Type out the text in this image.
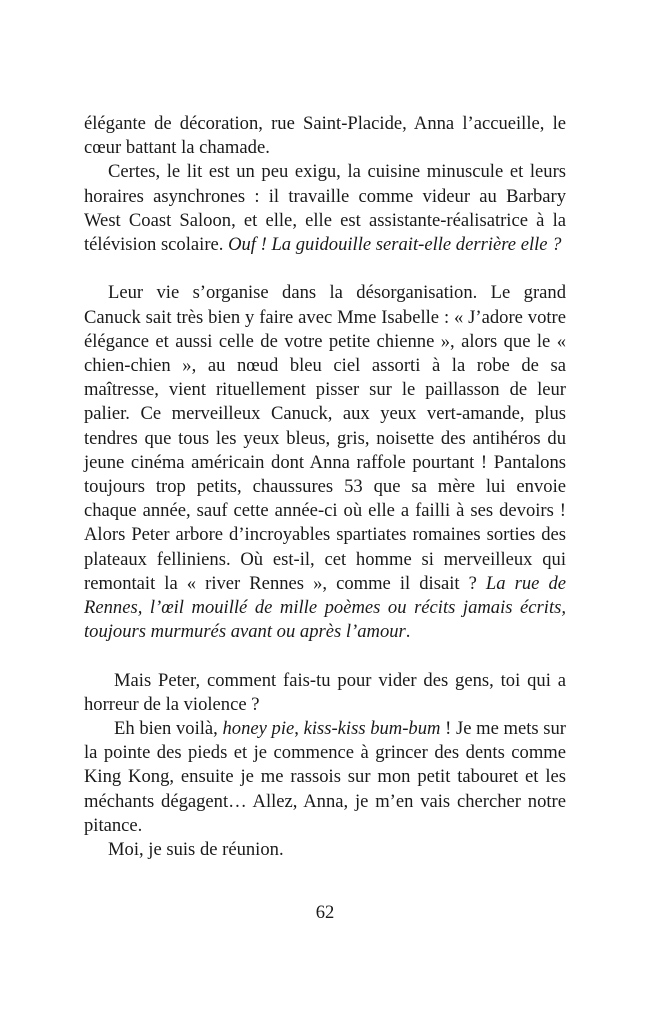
élégante de décoration, rue Saint-Placide, Anna l’accueille, le cœur battant la chamade.

Certes, le lit est un peu exigu, la cuisine minuscule et leurs horaires asynchrones : il travaille comme videur au Barbary West Coast Saloon, et elle, elle est assistante-réalisatrice à la télévision scolaire. Ouf ! La guidouille serait-elle derrière elle ?

Leur vie s’organise dans la désorganisation. Le grand Canuck sait très bien y faire avec Mme Isabelle : « J’adore votre élégance et aussi celle de votre petite chienne », alors que le « chien-chien », au nœud bleu ciel assorti à la robe de sa maîtresse, vient rituellement pisser sur le paillasson de leur palier. Ce merveilleux Canuck, aux yeux vert-amande, plus tendres que tous les yeux bleus, gris, noisette des antihéros du jeune cinéma américain dont Anna raffole pourtant ! Pantalons toujours trop petits, chaussures 53 que sa mère lui envoie chaque année, sauf cette année-ci où elle a failli à ses devoirs ! Alors Peter arbore d’incroyables spartiates romaines sorties des plateaux felliniens. Où est-il, cet homme si merveilleux qui remontait la « river Rennes », comme il disait ? La rue de Rennes, l’œil mouillé de mille poèmes ou récits jamais écrits, toujours murmurés avant ou après l’amour.

Mais Peter, comment fais-tu pour vider des gens, toi qui a horreur de la violence ?

Eh bien voilà, honey pie, kiss-kiss bum-bum ! Je me mets sur la pointe des pieds et je commence à grincer des dents comme King Kong, ensuite je me rassois sur mon petit tabouret et les méchants dégagent… Allez, Anna, je m’en vais chercher notre pitance.

Moi, je suis de réunion.

62
